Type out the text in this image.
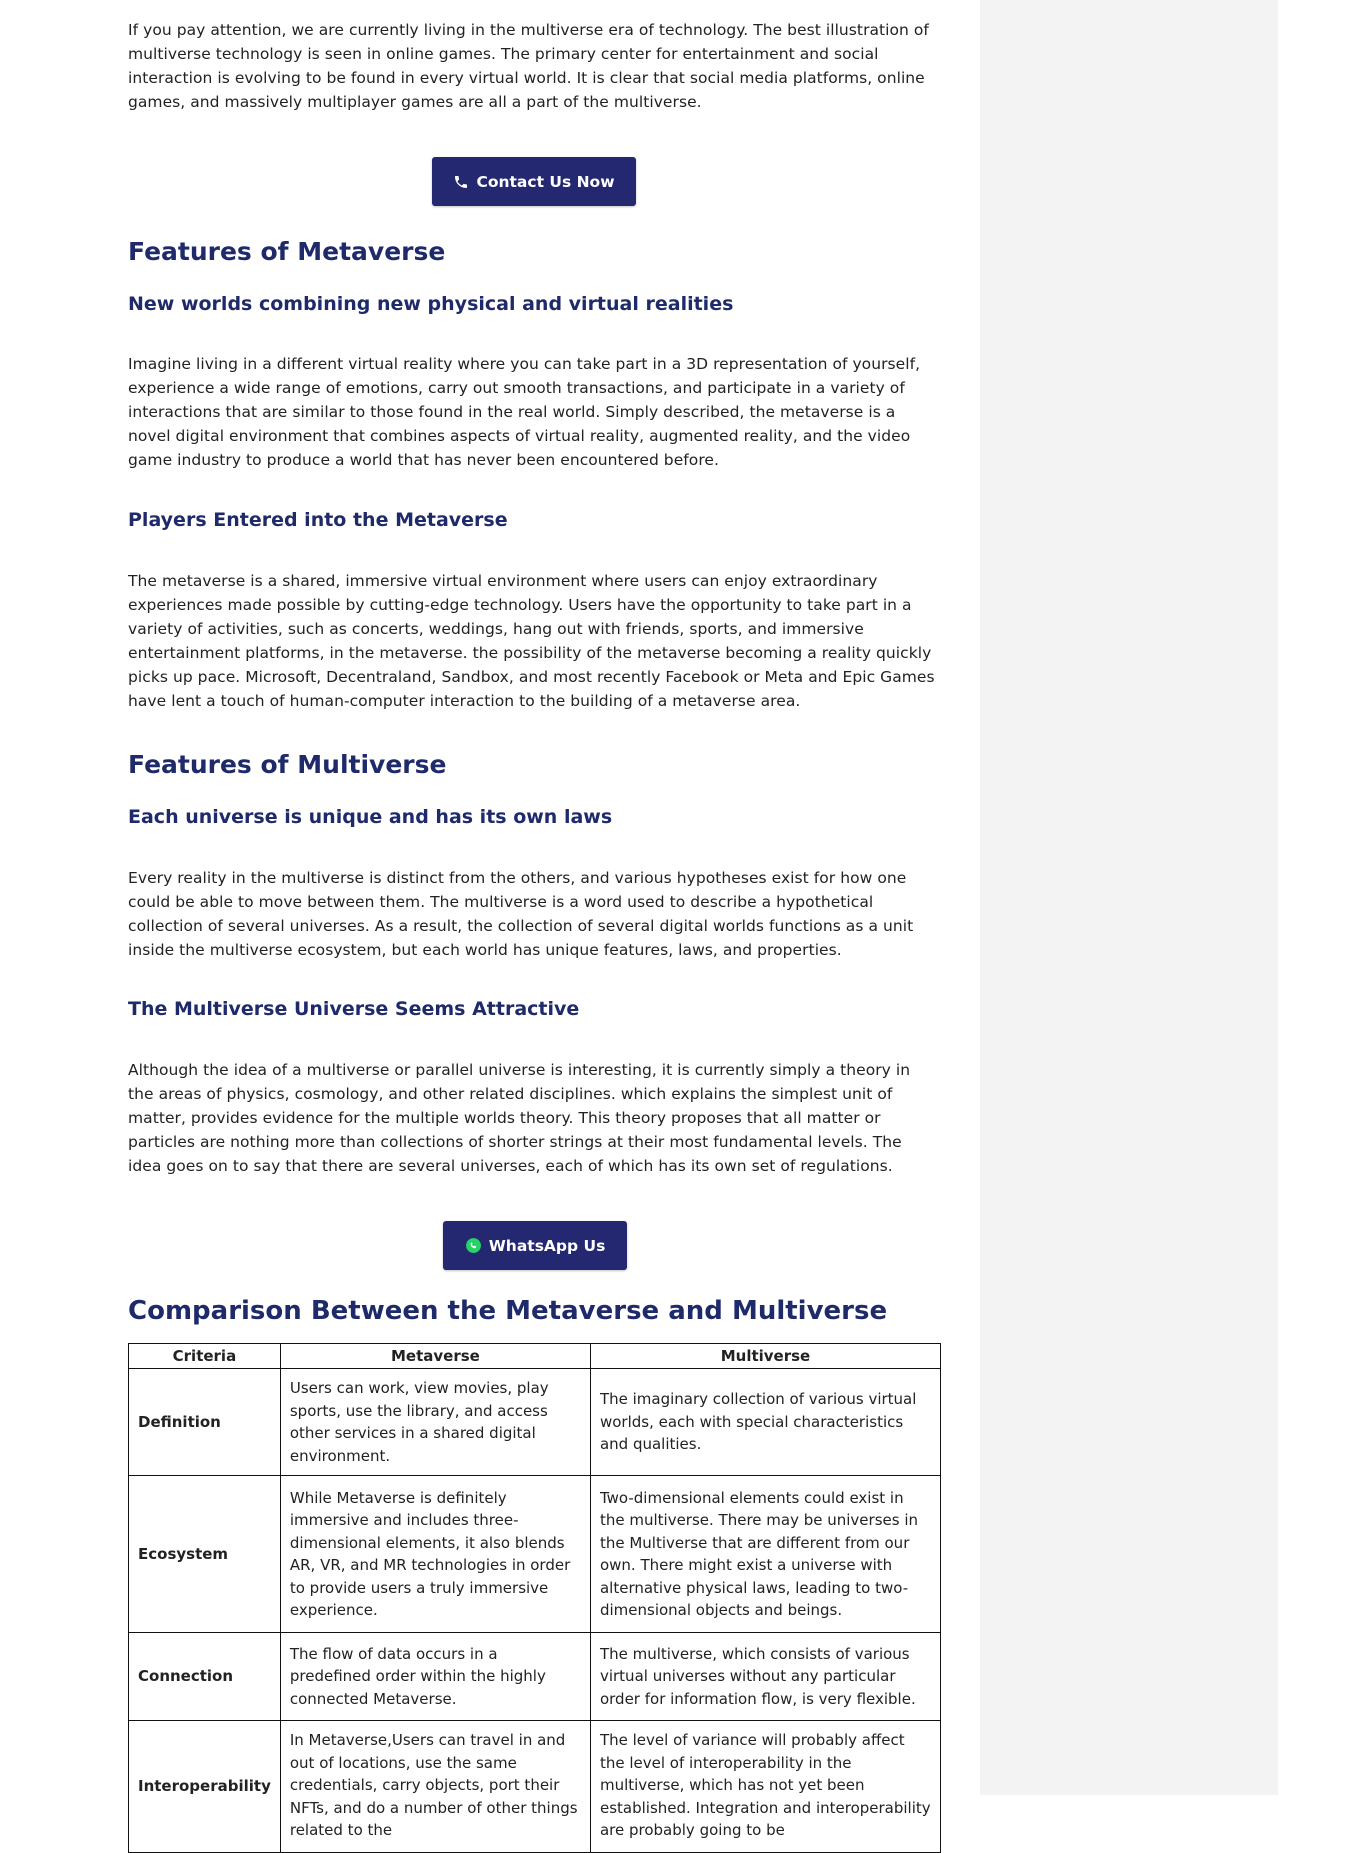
If you pay attention, we are currently living in the multiverse era of technology. The best illustration of multiverse technology is seen in online games. The primary center for entertainment and social interaction is evolving to be found in every virtual world. It is clear that social media platforms, online games, and massively multiplayer games are all a part of the multiverse.

Contact Us Now
Features of Metaverse
New worlds combining new physical and virtual realities

Imagine living in a different virtual reality where you can take part in a 3D representation of yourself, experience a wide range of emotions, carry out smooth transactions, and participate in a variety of interactions that are similar to those found in the real world. Simply described, the metaverse is a novel digital environment that combines aspects of virtual reality, augmented reality, and the video game industry to produce a world that has never been encountered before.

Players Entered into the Metaverse

The metaverse is a shared, immersive virtual environment where users can enjoy extraordinary experiences made possible by cutting-edge technology. Users have the opportunity to take part in a variety of activities, such as concerts, weddings, hang out with friends, sports, and immersive entertainment platforms, in the metaverse. the possibility of the metaverse becoming a reality quickly picks up pace. Microsoft, Decentraland, Sandbox, and most recently Facebook or Meta and Epic Games have lent a touch of human-computer interaction to the building of a metaverse area.

Features of Multiverse
Each universe is unique and has its own laws

Every reality in the multiverse is distinct from the others, and various hypotheses exist for how one could be able to move between them. The multiverse is a word used to describe a hypothetical collection of several universes. As a result, the collection of several digital worlds functions as a unit inside the multiverse ecosystem, but each world has unique features, laws, and properties.

The Multiverse Universe Seems Attractive

Although the idea of a multiverse or parallel universe is interesting, it is currently simply a theory in the areas of physics, cosmology, and other related disciplines. which explains the simplest unit of matter, provides evidence for the multiple worlds theory. This theory proposes that all matter or particles are nothing more than collections of shorter strings at their most fundamental levels. The idea goes on to say that there are several universes, each of which has its own set of regulations.

WhatsApp Us
Comparison Between the Metaverse and Multiverse
Criteria	Metaverse	Multiverse
Definition	Users can work, view movies, play sports, use the library, and access other services in a shared digital environment.	The imaginary collection of various virtual worlds, each with special characteristics and qualities.
Ecosystem	While Metaverse is definitely immersive and includes three-dimensional elements, it also blends AR, VR, and MR technologies in order to provide users a truly immersive experience.	Two-dimensional elements could exist in the multiverse. There may be universes in the Multiverse that are different from our own. There might exist a universe with alternative physical laws, leading to two-dimensional objects and beings.
Connection	The flow of data occurs in a predefined order within the highly connected Metaverse.	The multiverse, which consists of various virtual universes without any particular order for information flow, is very flexible.
Interoperability	In Metaverse,Users can travel in and out of locations, use the same credentials, carry objects, port their NFTs, and do a number of other things related to the	The level of variance will probably affect the level of interoperability in the multiverse, which has not yet been established. Integration and interoperability are probably going to be
